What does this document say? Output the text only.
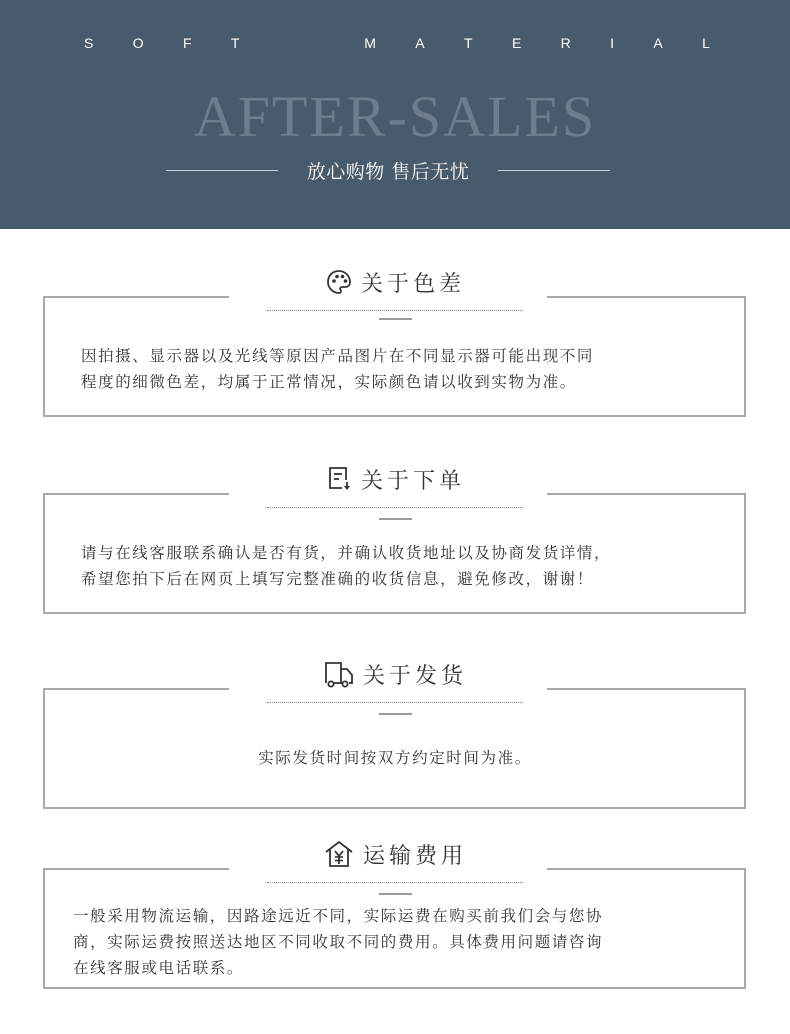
S	O	F	T	M	A	T	E	R	I	A	L
AFTER-SALES
放心购物 售后无忧
关于色差

因拍摄、显示器以及光线等原因产品图片在不同显示器可能出现不同

程度的细微色差，均属于正常情况，实际颜色请以收到实物为准。

关于下单

请与在线客服联系确认是否有货，并确认收货地址以及协商发货详情，

希望您拍下后在网页上填写完整准确的收货信息，避免修改，谢谢！

关于发货

实际发货时间按双方约定时间为准。

运输费用

一般采用物流运输，因路途远近不同，实际运费在购买前我们会与您协

商，实际运费按照送达地区不同收取不同的费用。具体费用问题请咨询

在线客服或电话联系。
